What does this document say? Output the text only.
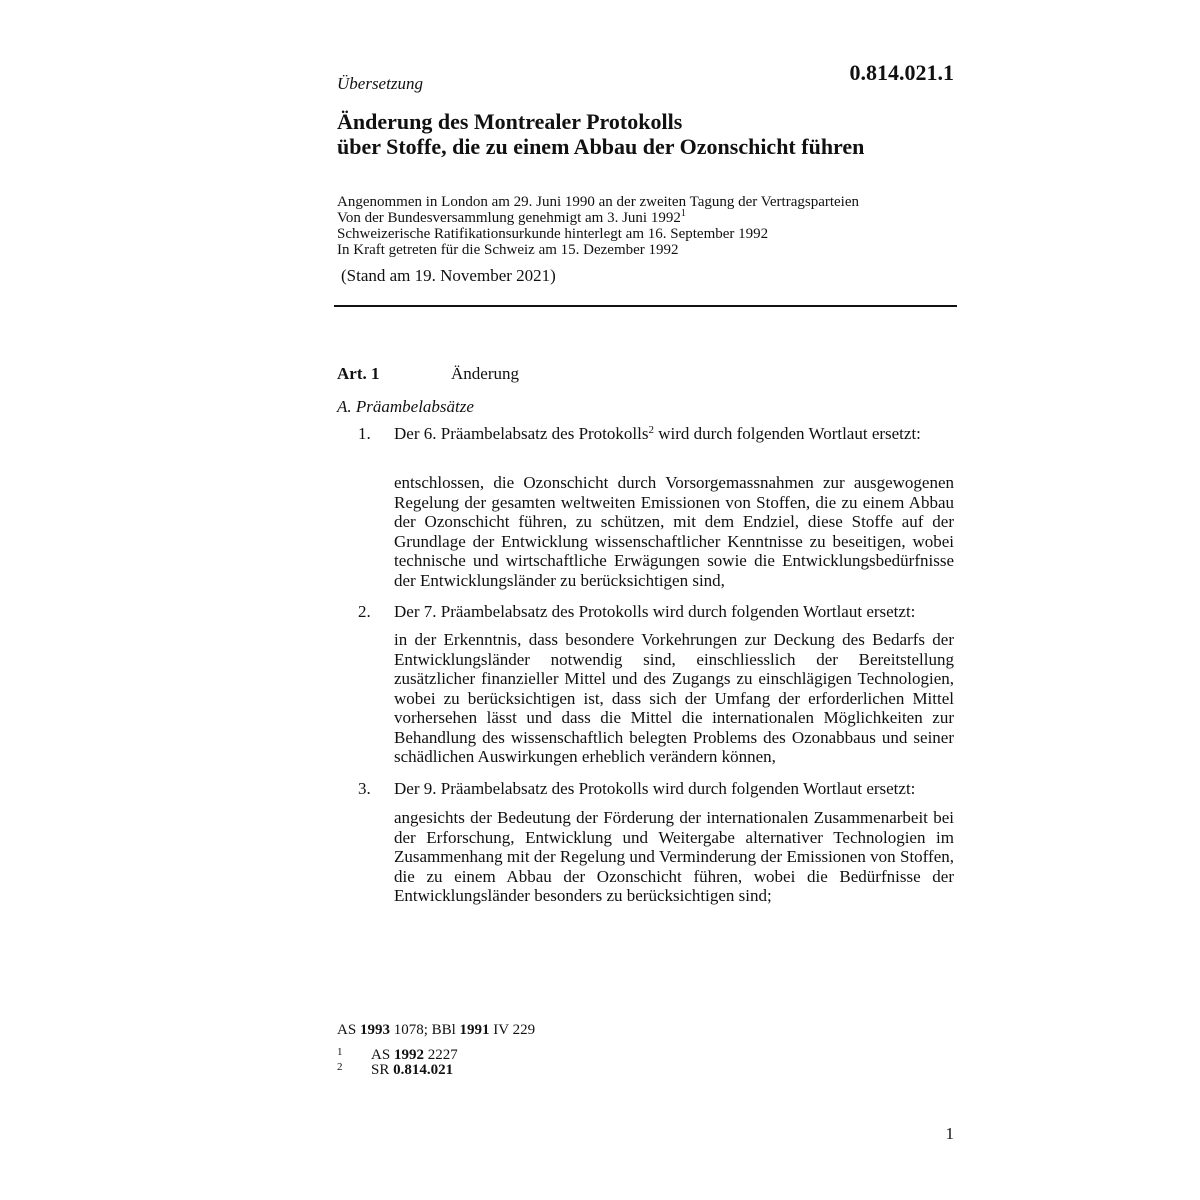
Übersetzung	0.814.021.1
Änderung des Montrealer Protokolls
über Stoffe, die zu einem Abbau der Ozonschicht führen
Angenommen in London am 29. Juni 1990 an der zweiten Tagung der Vertragsparteien
Von der Bundesversammlung genehmigt am 3. Juni 1992$^1$
Schweizerische Ratifikationsurkunde hinterlegt am 16. September 1992
In Kraft getreten für die Schweiz am 15. Dezember 1992
(Stand am 19. November 2021)
Art. 1	Änderung
A. Präambelabsätze
1.	Der 6. Präambelabsatz des Protokolls$^2$ wird durch folgenden Wortlaut ersetzt:
entschlossen, die Ozonschicht durch Vorsorgemassnahmen zur ausgewogenen Regelung der gesamten weltweiten Emissionen von Stoffen, die zu einem Abbau der Ozonschicht führen, zu schützen, mit dem Endziel, diese Stoffe auf der Grundlage der Entwicklung wissenschaftlicher Kenntnisse zu beseitigen, wobei technische und wirtschaftliche Erwägungen sowie die Entwicklungsbedürfnisse der Entwicklungsländer zu berücksichtigen sind,
2.	Der 7. Präambelabsatz des Protokolls wird durch folgenden Wortlaut ersetzt:
in der Erkenntnis, dass besondere Vorkehrungen zur Deckung des Bedarfs der Entwicklungsländer notwendig sind, einschliesslich der Bereitstellung zusätzlicher finanzieller Mittel und des Zugangs zu einschlägigen Technologien, wobei zu berücksichtigen ist, dass sich der Umfang der erforderlichen Mittel vorhersehen lässt und dass die Mittel die internationalen Möglichkeiten zur Behandlung des wissenschaftlich belegten Problems des Ozonabbaus und seiner schädlichen Auswirkungen erheblich verändern können,
3.	Der 9. Präambelabsatz des Protokolls wird durch folgenden Wortlaut ersetzt:
angesichts der Bedeutung der Förderung der internationalen Zusammenarbeit bei der Erforschung, Entwicklung und Weitergabe alternativer Technologien im Zusammenhang mit der Regelung und Verminderung der Emissionen von Stoffen, die zu einem Abbau der Ozonschicht führen, wobei die Bedürfnisse der Entwicklungsländer besonders zu berücksichtigen sind;
AS 1993 1078; BBl 1991 IV 229
1 AS 1992 2227
2 SR 0.814.021
1
